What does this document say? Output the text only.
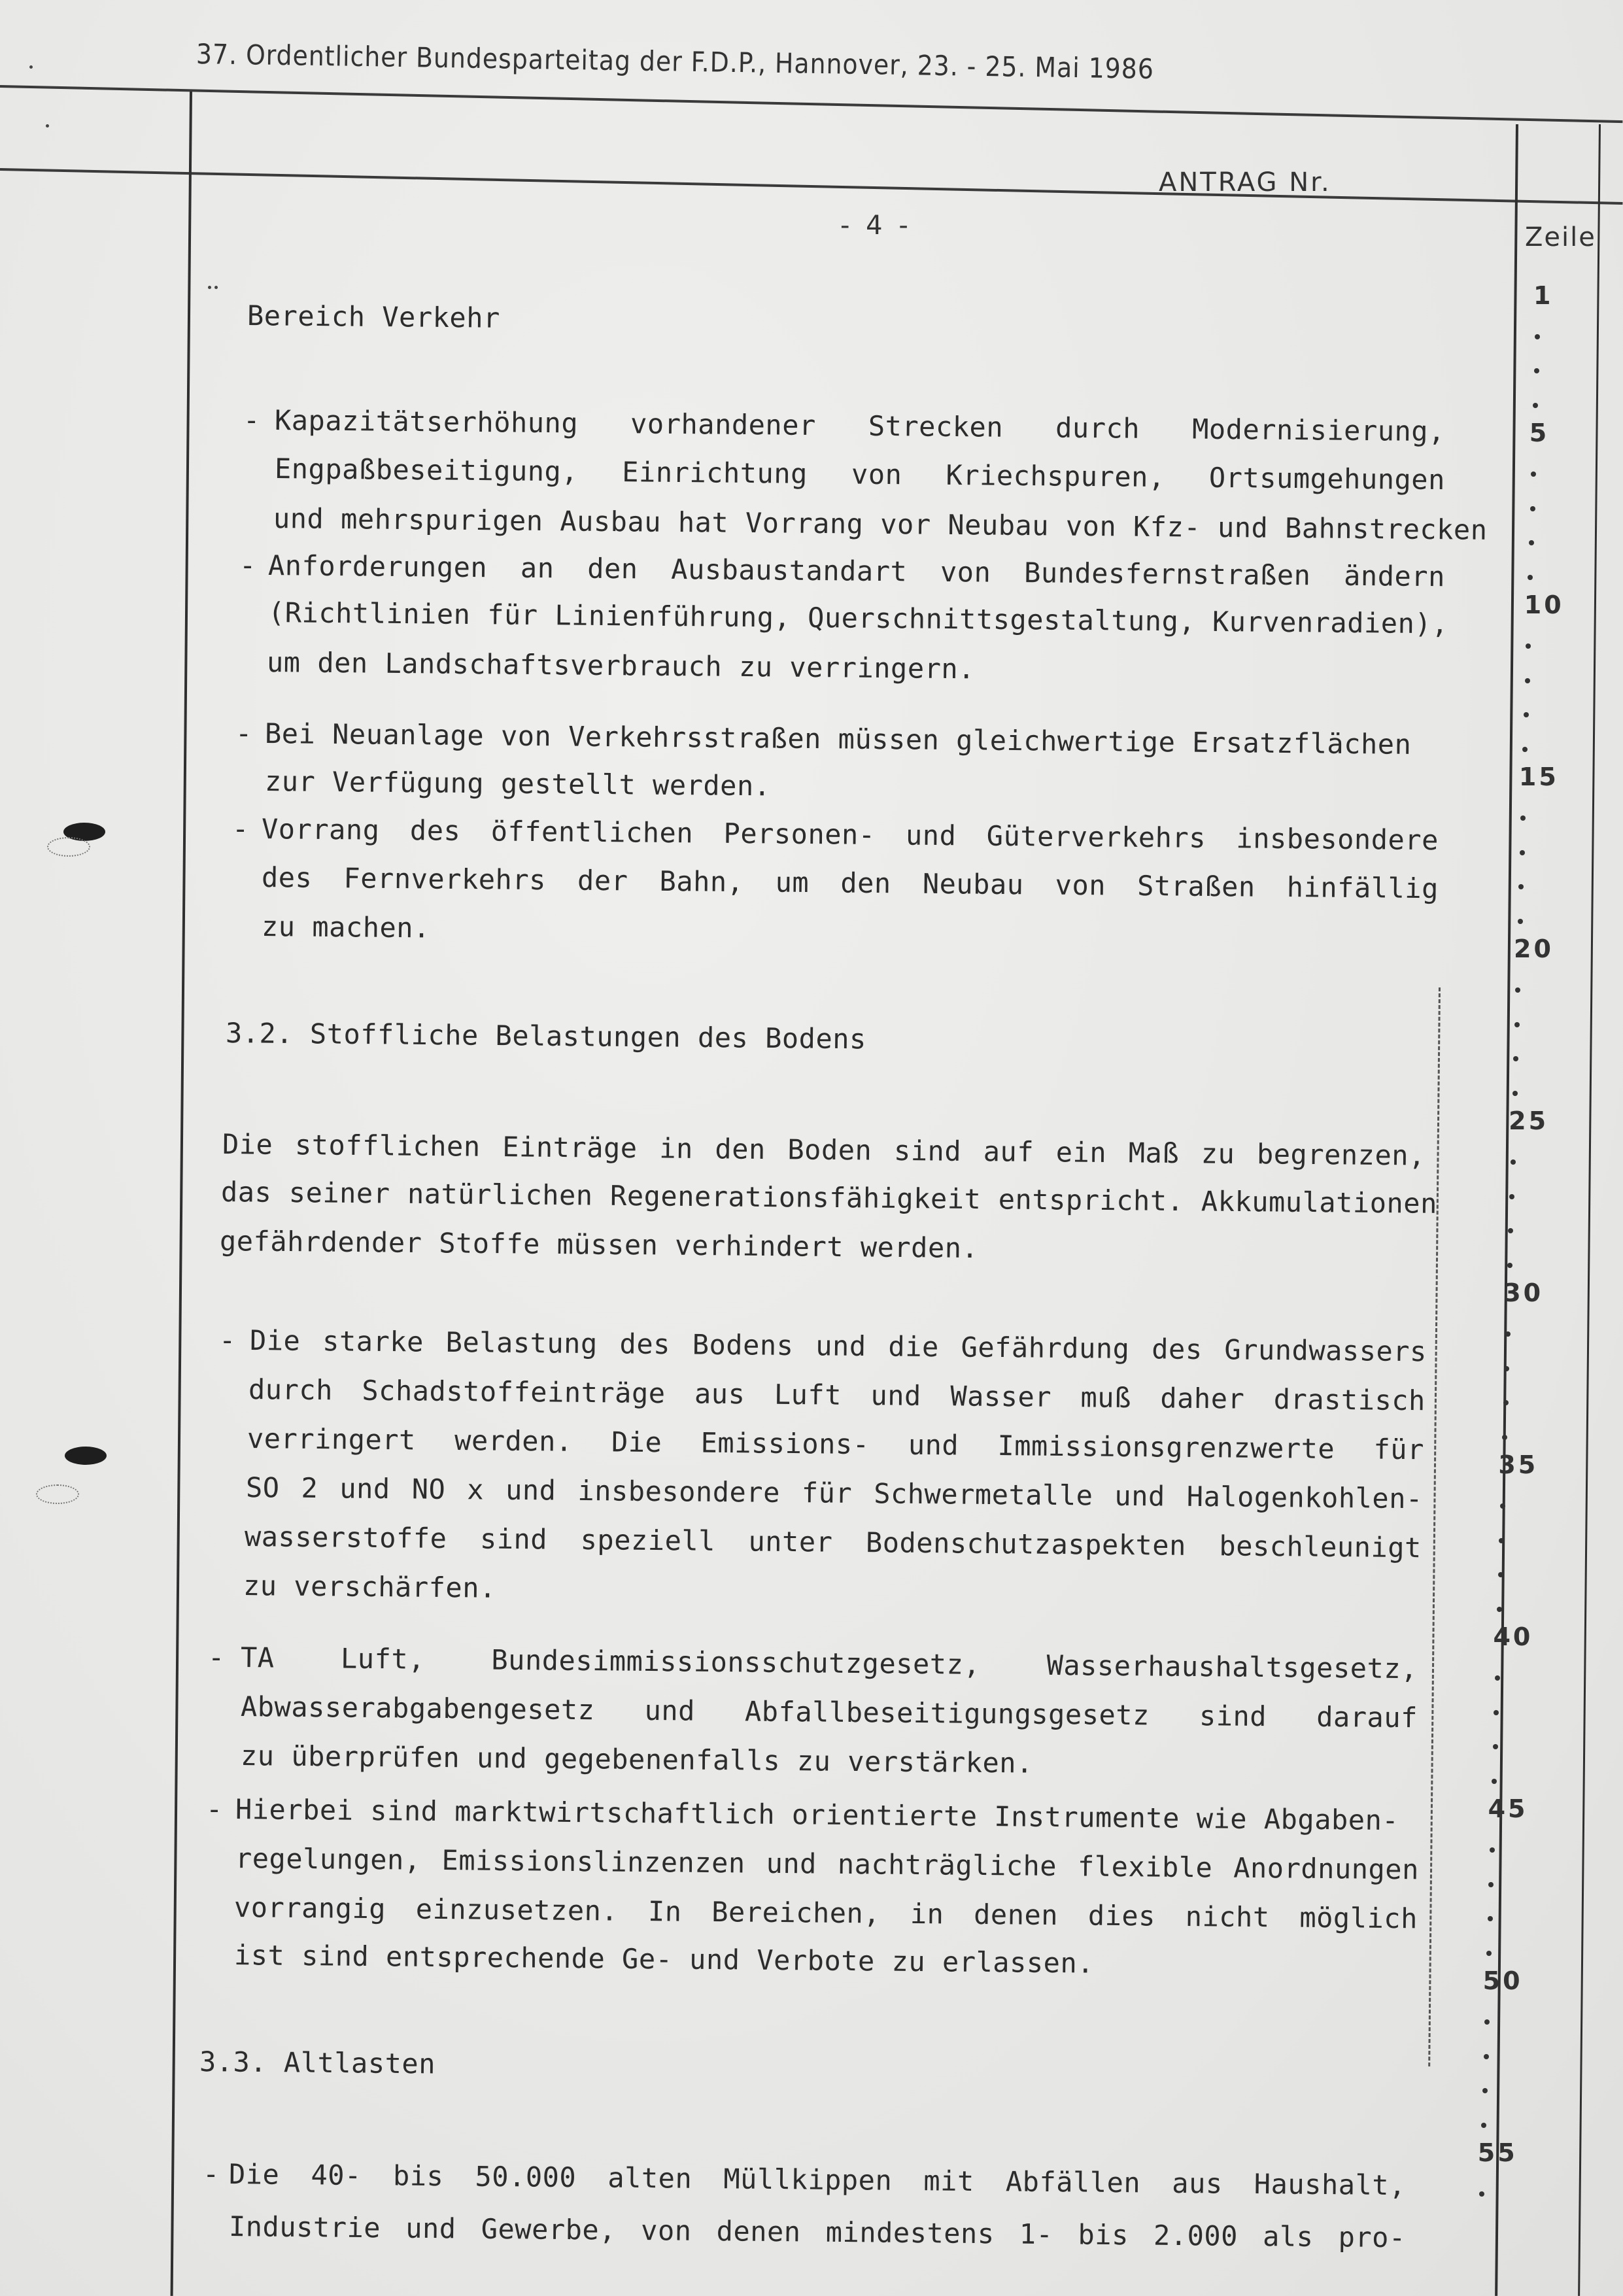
37. Ordentlicher Bundesparteitag der F.D.P., Hannover, 23. - 25. Mai 1986
ANTRAG Nr.
- 4 -	Zeile
1
5
10
15
20
25
30
35
40
45
50
55
Bereich Verkehr
- Kapazitätserhöhung vorhandener Strecken durch Modernisierung,
Engpaßbeseitigung, Einrichtung von Kriechspuren, Ortsumgehungen
und mehrspurigen Ausbau hat Vorrang vor Neubau von Kfz- und Bahnstrecken
- Anforderungen an den Ausbaustandart von Bundesfernstraßen ändern
(Richtlinien für Linienführung, Querschnittsgestaltung, Kurvenradien),
um den Landschaftsverbrauch zu verringern.
- Bei Neuanlage von Verkehrsstraßen müssen gleichwertige Ersatzflächen
zur Verfügung gestellt werden.
- Vorrang des öffentlichen Personen- und Güterverkehrs insbesondere
des Fernverkehrs der Bahn, um den Neubau von Straßen hinfällig
zu machen.
3.2. Stoffliche Belastungen des Bodens
Die stofflichen Einträge in den Boden sind auf ein Maß zu begrenzen,
das seiner natürlichen Regenerationsfähigkeit entspricht. Akkumulationen
gefährdender Stoffe müssen verhindert werden.
- Die starke Belastung des Bodens und die Gefährdung des Grundwassers
durch Schadstoffeinträge aus Luft und Wasser muß daher drastisch
verringert werden. Die Emissions- und Immissionsgrenzwerte für
SO 2 und NO x und insbesondere für Schwermetalle und Halogenkohlen-
wasserstoffe sind speziell unter Bodenschutzaspekten beschleunigt
zu verschärfen.
- TA Luft, Bundesimmissionsschutzgesetz, Wasserhaushaltsgesetz,
Abwasserabgabengesetz und Abfallbeseitigungsgesetz sind darauf
zu überprüfen und gegebenenfalls zu verstärken.
- Hierbei sind marktwirtschaftlich orientierte Instrumente wie Abgaben-
regelungen, Emissionslinzenzen und nachträgliche flexible Anordnungen
vorrangig einzusetzen. In Bereichen, in denen dies nicht möglich
ist sind entsprechende Ge- und Verbote zu erlassen.
3.3. Altlasten
- Die 40- bis 50.000 alten Müllkippen mit Abfällen aus Haushalt,
Industrie und Gewerbe, von denen mindestens 1- bis 2.000 als pro-
